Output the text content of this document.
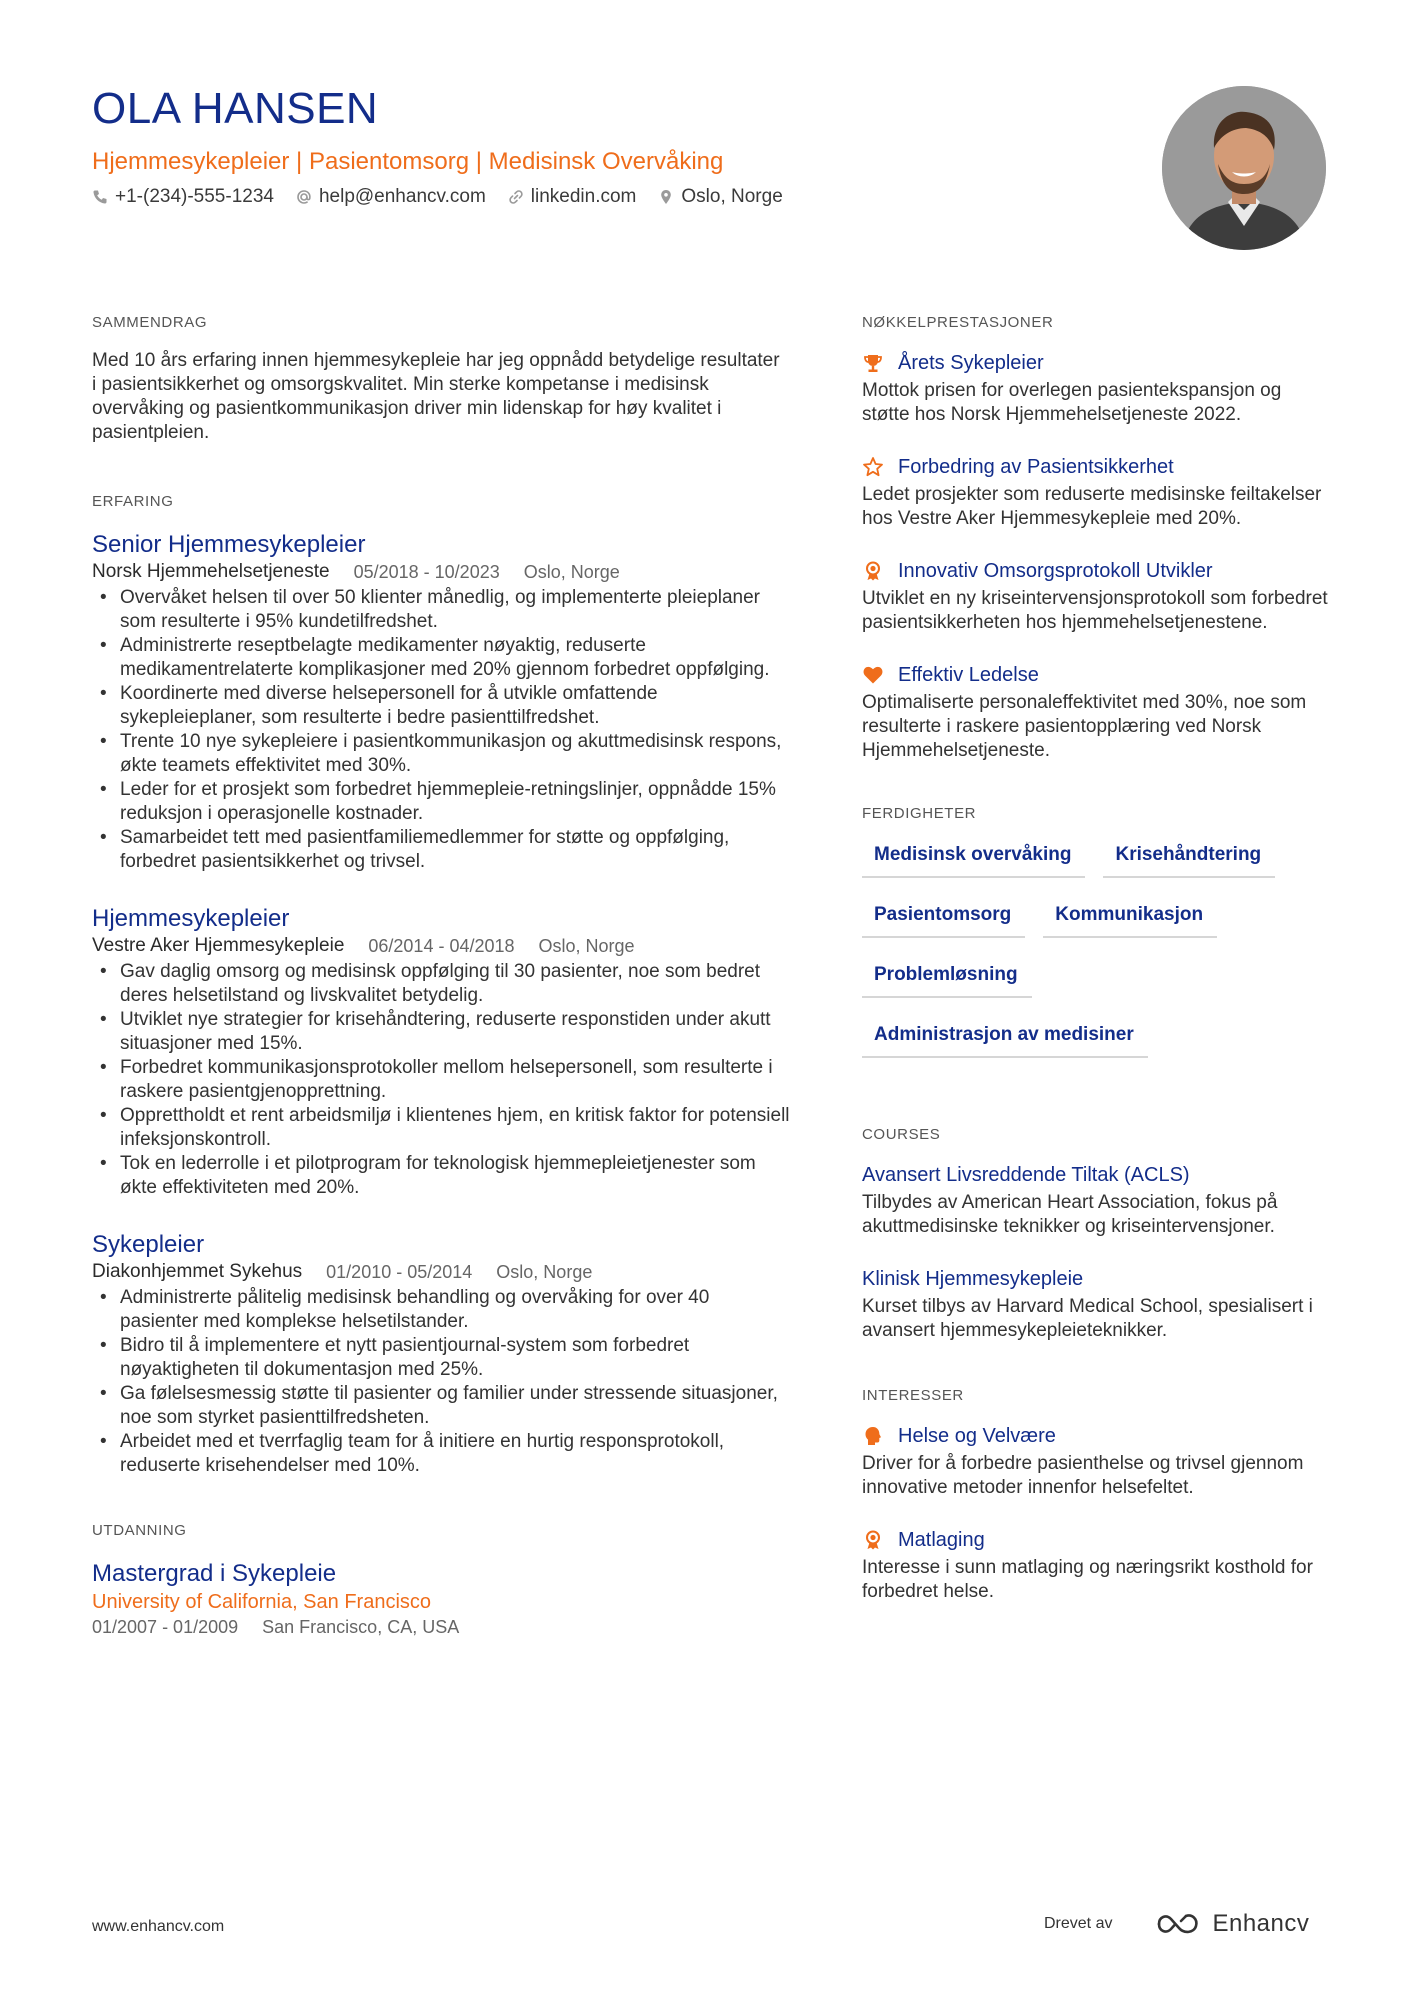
OLA HANSEN
Hjemmesykepleier | Pasientomsorg | Medisinsk Overvåking
+1-(234)-555-1234 help@enhancv.com linkedin.com Oslo, Norge
SAMMENDRAG
Med 10 års erfaring innen hjemmesykepleie har jeg oppnådd betydelige resultater i pasientsikkerhet og omsorgskvalitet. Min sterke kompetanse i medisinsk overvåking og pasientkommunikasjon driver min lidenskap for høy kvalitet i pasientpleien.
ERFARING
Senior Hjemmesykepleier
Norsk Hjemmehelsetjeneste 05/2018 - 10/2023 Oslo, Norge
• Overvåket helsen til over 50 klienter månedlig, og implementerte pleieplaner som resulterte i 95% kundetilfredshet.
• Administrerte reseptbelagte medikamenter nøyaktig, reduserte medikamentrelaterte komplikasjoner med 20% gjennom forbedret oppfølging.
• Koordinerte med diverse helsepersonell for å utvikle omfattende sykepleieplaner, som resulterte i bedre pasienttilfredshet.
• Trente 10 nye sykepleiere i pasientkommunikasjon og akuttmedisinsk respons, økte teamets effektivitet med 30%.
• Leder for et prosjekt som forbedret hjemmepleie-retningslinjer, oppnådde 15% reduksjon i operasjonelle kostnader.
• Samarbeidet tett med pasientfamiliemedlemmer for støtte og oppfølging, forbedret pasientsikkerhet og trivsel.
Hjemmesykepleier
Vestre Aker Hjemmesykepleie 06/2014 - 04/2018 Oslo, Norge
• Gav daglig omsorg og medisinsk oppfølging til 30 pasienter, noe som bedret deres helsetilstand og livskvalitet betydelig.
• Utviklet nye strategier for krisehåndtering, reduserte responstiden under akutt situasjoner med 15%.
• Forbedret kommunikasjonsprotokoller mellom helsepersonell, som resulterte i raskere pasientgjenopprettning.
• Opprettholdt et rent arbeidsmiljø i klientenes hjem, en kritisk faktor for potensiell infeksjonskontroll.
• Tok en lederrolle i et pilotprogram for teknologisk hjemmepleietjenester som økte effektiviteten med 20%.
Sykepleier
Diakonhjemmet Sykehus 01/2010 - 05/2014 Oslo, Norge
• Administrerte pålitelig medisinsk behandling og overvåking for over 40 pasienter med komplekse helsetilstander.
• Bidro til å implementere et nytt pasientjournal-system som forbedret nøyaktigheten til dokumentasjon med 25%.
• Ga følelsesmessig støtte til pasienter og familier under stressende situasjoner, noe som styrket pasienttilfredsheten.
• Arbeidet med et tverrfaglig team for å initiere en hurtig responsprotokoll, reduserte krisehendelser med 10%.
UTDANNING
Mastergrad i Sykepleie
University of California, San Francisco
01/2007 - 01/2009 San Francisco, CA, USA
NØKKELPRESTASJONER
Årets Sykepleier
Mottok prisen for overlegen pasientekspansjon og støtte hos Norsk Hjemmehelsetjeneste 2022.
Forbedring av Pasientsikkerhet
Ledet prosjekter som reduserte medisinske feiltakelser hos Vestre Aker Hjemmesykepleie med 20%.
Innovativ Omsorgsprotokoll Utvikler
Utviklet en ny kriseintervensjonsprotokoll som forbedret pasientsikkerheten hos hjemmehelsetjenestene.
Effektiv Ledelse
Optimaliserte personaleffektivitet med 30%, noe som resulterte i raskere pasientopplæring ved Norsk Hjemmehelsetjeneste.
FERDIGHETER
Medisinsk overvåking	Krisehåndtering
Pasientomsorg	Kommunikasjon
Problemløsning
Administrasjon av medisiner
COURSES
Avansert Livsreddende Tiltak (ACLS)
Tilbydes av American Heart Association, fokus på akuttmedisinske teknikker og kriseintervensjoner.
Klinisk Hjemmesykepleie
Kurset tilbys av Harvard Medical School, spesialisert i avansert hjemmesykepleieteknikker.
INTERESSER
Helse og Velvære
Driver for å forbedre pasienthelse og trivsel gjennom innovative metoder innenfor helsefeltet.
Matlaging
Interesse i sunn matlaging og næringsrikt kosthold for forbedret helse.
www.enhancv.com	Drevet av	Enhancv
